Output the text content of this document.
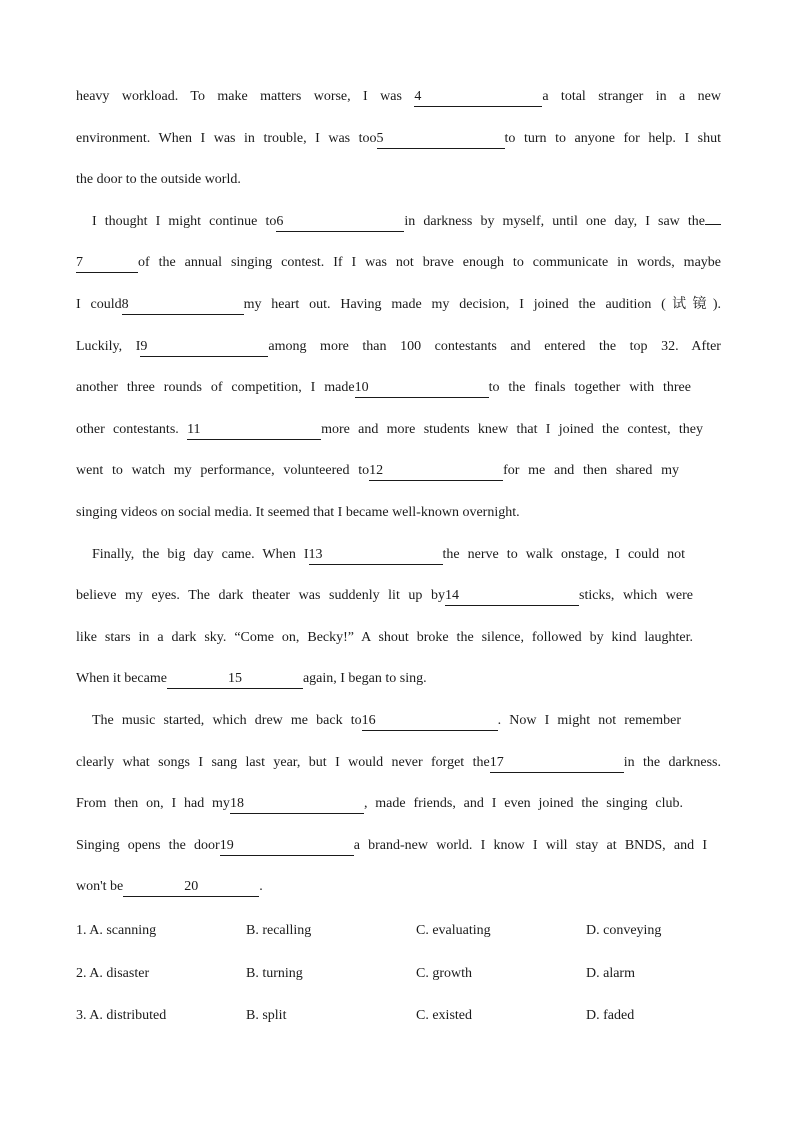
heavy workload. To make matters worse, I was 4	a total stranger in a new
environment. When I was in trouble, I was too5	to turn to anyone for help. I shut
the door to the outside world.
I thought I might continue to6	in darkness by myself, until one day, I saw the
7	of the annual singing contest. If I was not brave enough to communicate in words, maybe
I could8	my heart out. Having made my decision, I joined the audition (试镜).
Luckily, I9	among more than 100 contestants and entered the top 32. After
another three rounds of competition, I made10	to the finals together with three
other contestants. 11	more and more students knew that I joined the contest, they
went to watch my performance, volunteered to12	for me and then shared my
singing videos on social media. It seemed that I became well-known overnight.
Finally, the big day came. When I13	the nerve to walk onstage, I could not
believe my eyes. The dark theater was suddenly lit up by14	sticks, which were
like stars in a dark sky. “Come on, Becky!” A shout broke the silence, followed by kind laughter.
When it became	15	again, I began to sing.
The music started, which drew me back to16	. Now I might not remember
clearly what songs I sang last year, but I would never forget the17	in the darkness.
From then on, I had my18	, made friends, and I even joined the singing club.
Singing opens the door19	a brand-new world. I know I will stay at BNDS, and I
won't be	20	.
1. A. scanning	B. recalling	C. evaluating	D. conveying
2. A. disaster	B. turning	C. growth	D. alarm
3. A. distributed	B. split	C. existed	D. faded
